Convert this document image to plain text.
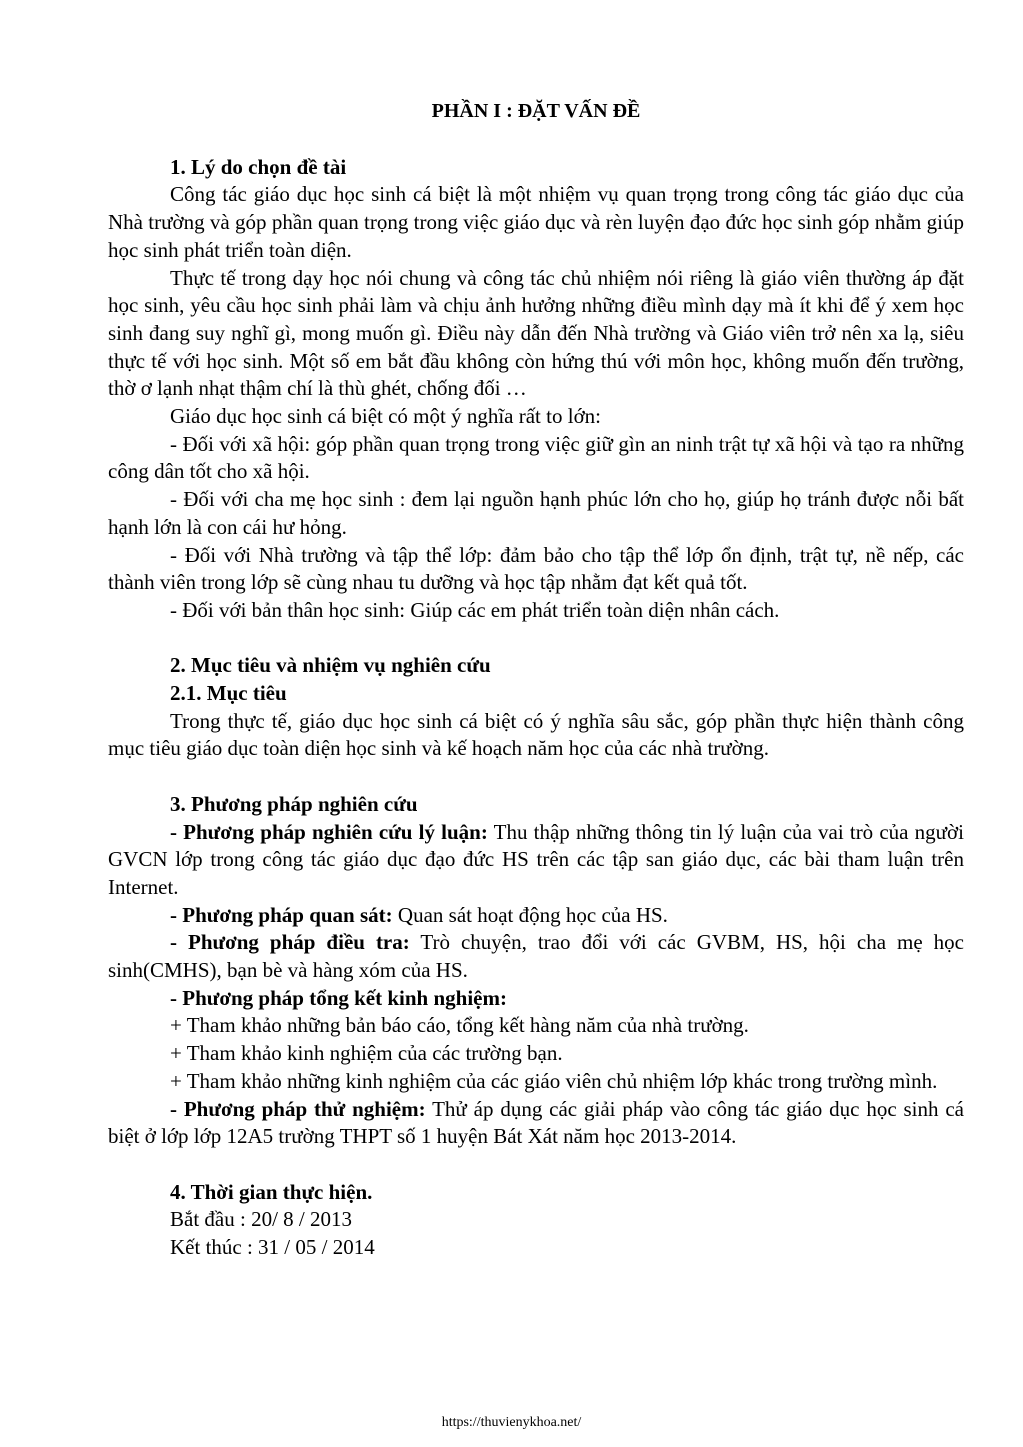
PHẦN I : ĐẶT VẤN ĐỀ

1. Lý do chọn đề tài

Công tác giáo dục học sinh cá biệt là một nhiệm vụ quan trọng trong công tác giáo dục của Nhà trường và góp phần quan trọng trong việc giáo dục và rèn luyện đạo đức học sinh góp nhằm giúp học sinh phát triển toàn diện.

Thực tế trong dạy học nói chung và công tác chủ nhiệm nói riêng là giáo viên thường áp đặt học sinh, yêu cầu học sinh phải làm và chịu ảnh hưởng những điều mình dạy mà ít khi để ý xem học sinh đang suy nghĩ gì, mong muốn gì. Điều này dẫn đến Nhà trường và Giáo viên trở nên xa lạ, siêu thực tế với học sinh. Một số em bắt đầu không còn hứng thú với môn học, không muốn đến trường, thờ ơ lạnh nhạt thậm chí là thù ghét, chống đối …

Giáo dục học sinh cá biệt có một ý nghĩa rất to lớn:

- Đối với xã hội: góp phần quan trọng trong việc giữ gìn an ninh trật tự xã hội và tạo ra những công dân tốt cho xã hội.

- Đối với cha mẹ học sinh : đem lại nguồn hạnh phúc lớn cho họ, giúp họ tránh được nỗi bất hạnh lớn là con cái hư hỏng.

- Đối với Nhà trường và tập thể lớp: đảm bảo cho tập thể lớp ổn định, trật tự, nề nếp, các thành viên trong lớp sẽ cùng nhau tu dưỡng và học tập nhằm đạt kết quả tốt.

- Đối với bản thân học sinh: Giúp các em phát triển toàn diện nhân cách.

2. Mục tiêu và nhiệm vụ nghiên cứu

2.1. Mục tiêu

Trong thực tế, giáo dục học sinh cá biệt có ý nghĩa sâu sắc, góp phần thực hiện thành công mục tiêu giáo dục toàn diện học sinh và kế hoạch năm học của các nhà trường.

3. Phương pháp nghiên cứu

- Phương pháp nghiên cứu lý luận: Thu thập những thông tin lý luận của vai trò của người GVCN lớp trong công tác giáo dục đạo đức HS trên các tập san giáo dục, các bài tham luận trên Internet.

- Phương pháp quan sát: Quan sát hoạt động học của HS.

- Phương pháp điều tra: Trò chuyện, trao đổi với các GVBM, HS, hội cha mẹ học sinh(CMHS), bạn bè và hàng xóm của HS.

- Phương pháp tổng kết kinh nghiệm:

+ Tham khảo những bản báo cáo, tổng kết hàng năm của nhà trường.

+ Tham khảo kinh nghiệm của các trường bạn.

+ Tham khảo những kinh nghiệm của các giáo viên chủ nhiệm lớp khác trong trường mình.

- Phương pháp thử nghiệm: Thử áp dụng các giải pháp vào công tác giáo dục học sinh cá biệt ở lớp lớp 12A5 trường THPT số 1 huyện Bát Xát năm học 2013-2014.

4. Thời gian thực hiện.

Bắt đầu : 20/ 8 / 2013

Kết thúc : 31 / 05 / 2014

https://thuvienykhoa.net/
